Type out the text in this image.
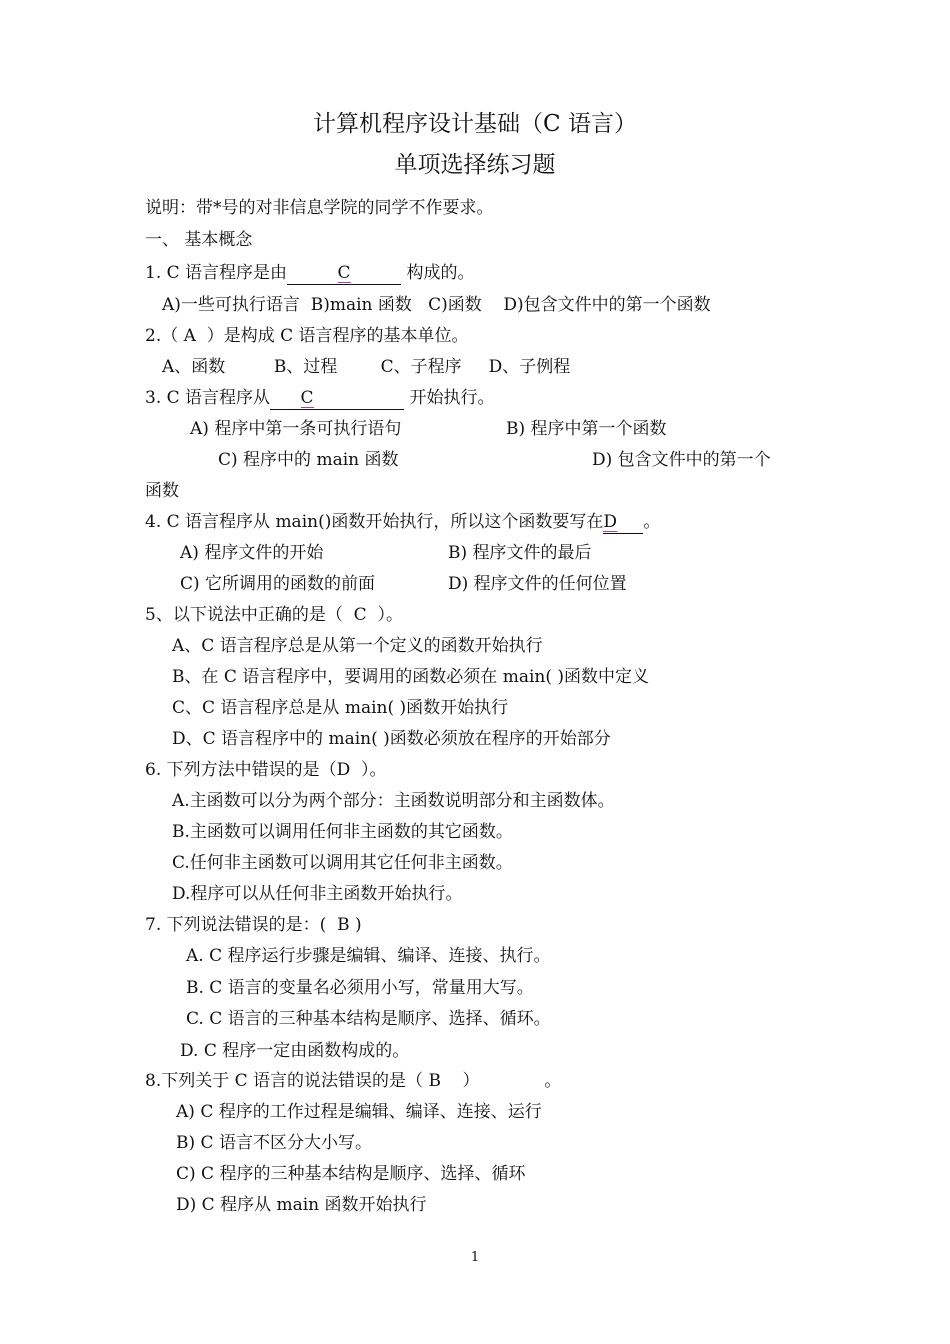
计算机程序设计基础（C 语言）
单项选择练习题
说明：带*号的对非信息学院的同学不作要求。
一、 基本概念
1. C 语言程序是由	C	构成的。
A)一些可执行语言  B)main 函数   C)函数    D)包含文件中的第一个函数
2.（ A  ）是构成 C 语言程序的基本单位。
A、函数         B、过程        C、子程序     D、子例程
3. C 语言程序从 C	开始执行。
A) 程序中第一条可执行语句	B) 程序中第一个函数
C) 程序中的 main 函数	D) 包含文件中的第一个
函数
4. C 语言程序从 main()函数开始执行，所以这个函数要写在D 。
A) 程序文件的开始	B) 程序文件的最后
C) 它所调用的函数的前面	D) 程序文件的任何位置
5、以下说法中正确的是（  C  ）。
A、C 语言程序总是从第一个定义的函数开始执行
B、在 C 语言程序中，要调用的函数必须在 main( )函数中定义
C、C 语言程序总是从 main( )函数开始执行
D、C 语言程序中的 main( )函数必须放在程序的开始部分
6. 下列方法中错误的是（D  ）。
A.主函数可以分为两个部分：主函数说明部分和主函数体。
B.主函数可以调用任何非主函数的其它函数。
C.任何非主函数可以调用其它任何非主函数。
D.程序可以从任何非主函数开始执行。
7. 下列说法错误的是：(  B )
A. C 程序运行步骤是编辑、编译、连接、执行。
B. C 语言的变量名必须用小写，常量用大写。
C. C 语言的三种基本结构是顺序、选择、循环。
D. C 程序一定由函数构成的。
8.下列关于 C 语言的说法错误的是（ B    ）            。
A) C 程序的工作过程是编辑、编译、连接、运行
B) C 语言不区分大小写。
C) C 程序的三种基本结构是顺序、选择、循环
D) C 程序从 main 函数开始执行
1
